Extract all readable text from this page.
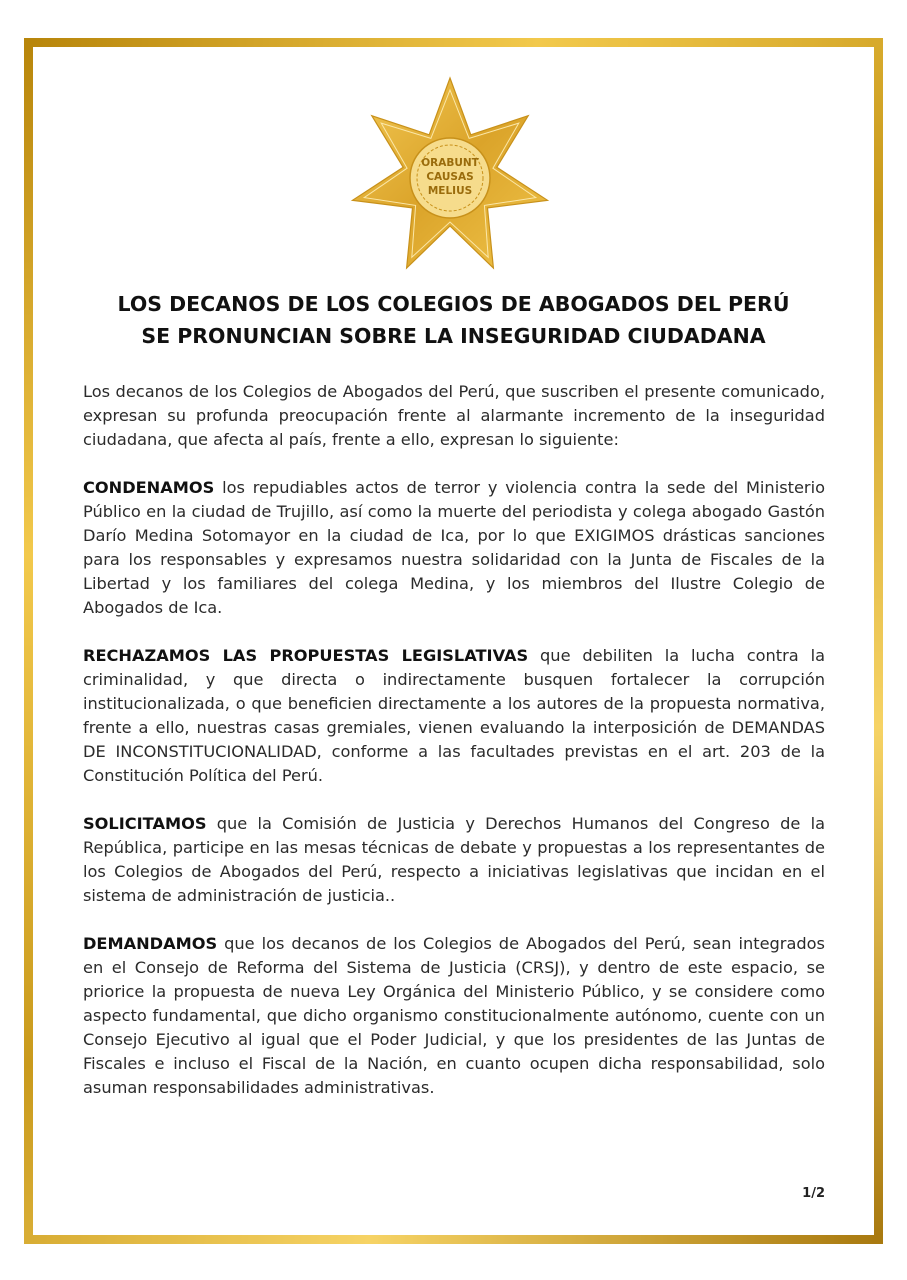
ORABUNT
CAUSAS
MELIUS
LOS DECANOS DE LOS COLEGIOS DE ABOGADOS DEL PERÚ
SE PRONUNCIAN SOBRE LA INSEGURIDAD CIUDADANA

Los decanos de los Colegios de Abogados del Perú, que suscriben el presente comunicado, expresan su profunda preocupación frente al alarmante incremento de la inseguridad ciudadana, que afecta al país, frente a ello, expresan lo siguiente:

CONDENAMOS los repudiables actos de terror y violencia contra la sede del Ministerio Público en la ciudad de Trujillo, así como la muerte del periodista y colega abogado Gastón Darío Medina Sotomayor en la ciudad de Ica, por lo que EXIGIMOS drásticas sanciones para los responsables y expresamos nuestra solidaridad con la Junta de Fiscales de la Libertad y los familiares del colega Medina, y los miembros del Ilustre Colegio de Abogados de Ica.

RECHAZAMOS LAS PROPUESTAS LEGISLATIVAS que debiliten la lucha contra la criminalidad, y que directa o indirectamente busquen fortalecer la corrupción institucionalizada, o que beneficien directamente a los autores de la propuesta normativa, frente a ello, nuestras casas gremiales, vienen evaluando la interposición de DEMANDAS DE INCONSTITUCIONALIDAD, conforme a las facultades previstas en el art. 203 de la Constitución Política del Perú.

SOLICITAMOS que la Comisión de Justicia y Derechos Humanos del Congreso de la República, participe en las mesas técnicas de debate y propuestas a los representantes de los Colegios de Abogados del Perú, respecto a iniciativas legislativas que incidan en el sistema de administración de justicia..

DEMANDAMOS que los decanos de los Colegios de Abogados del Perú, sean integrados en el Consejo de Reforma del Sistema de Justicia (CRSJ), y dentro de este espacio, se priorice la propuesta de nueva Ley Orgánica del Ministerio Público, y se considere como aspecto fundamental, que dicho organismo constitucionalmente autónomo, cuente con un Consejo Ejecutivo al igual que el Poder Judicial, y que los presidentes de las Juntas de Fiscales e incluso el Fiscal de la Nación, en cuanto ocupen dicha responsabilidad, solo asuman responsabilidades administrativas.

1/2
